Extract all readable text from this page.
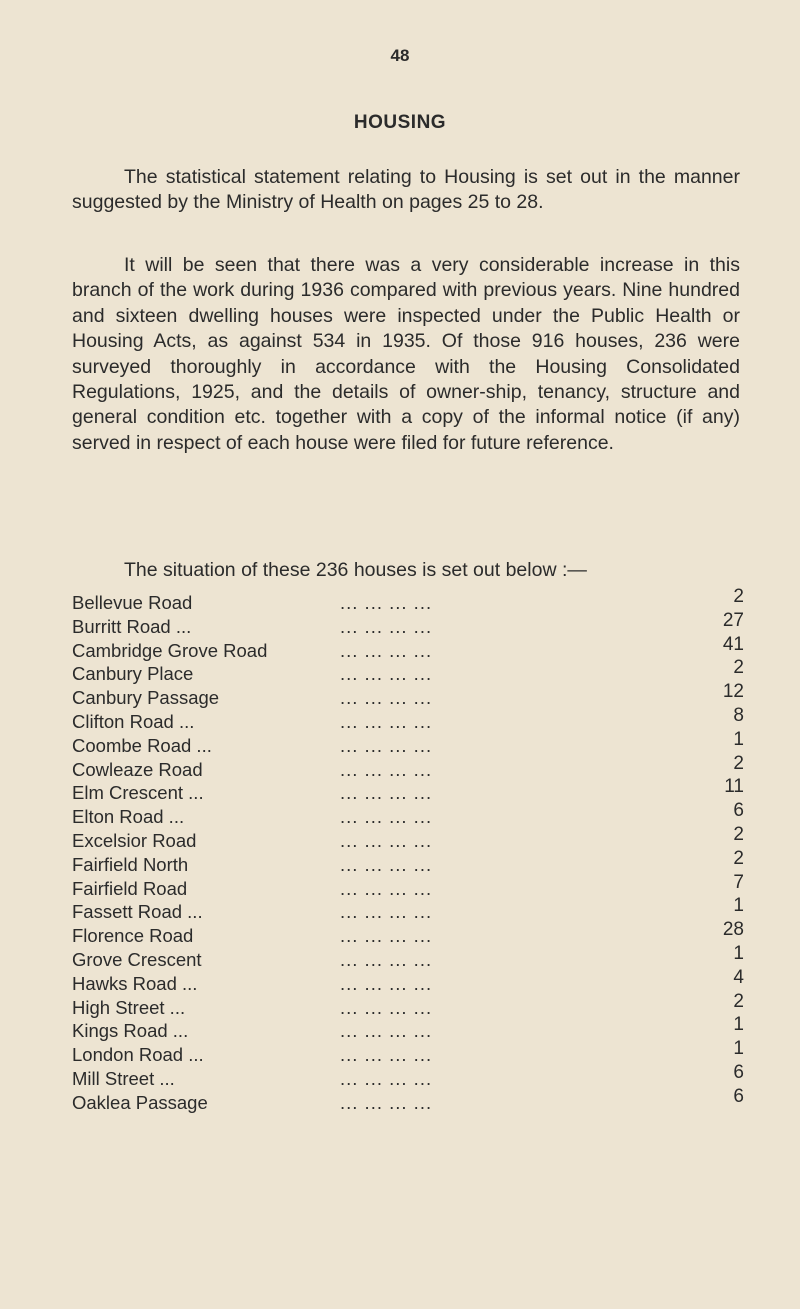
48
HOUSING

The statistical statement relating to Housing is set out in the manner suggested by the Ministry of Health on pages 25 to 28.

It will be seen that there was a very considerable increase in this branch of the work during 1936 compared with previous years. Nine hundred and sixteen dwelling houses were inspected under the Public Health or Housing Acts, as against 534 in 1935. Of those 916 houses, 236 were surveyed thoroughly in accordance with the Housing Consolidated Regulations, 1925, and the details of owner-ship, tenancy, structure and general condition etc. together with a copy of the informal notice (if any) served in respect of each house were filed for future reference.

The situation of these 236 houses is set out below :—
Bellevue Road	... ... ... ...	2
Burritt Road ...	... ... ... ...	27
Cambridge Grove Road	... ... ... ...	41
Canbury Place	... ... ... ...	2
Canbury Passage	... ... ... ...	12
Clifton Road ...	... ... ... ...	8
Coombe Road ...	... ... ... ...	1
Cowleaze Road	... ... ... ...	2
Elm Crescent ...	... ... ... ...	11
Elton Road ...	... ... ... ...	6
Excelsior Road	... ... ... ...	2
Fairfield North	... ... ... ...	2
Fairfield Road	... ... ... ...	7
Fassett Road ...	... ... ... ...	1
Florence Road	... ... ... ...	28
Grove Crescent	... ... ... ...	1
Hawks Road ...	... ... ... ...	4
High Street ...	... ... ... ...	2
Kings Road ...	... ... ... ...	1
London Road ...	... ... ... ...	1
Mill Street ...	... ... ... ...	6
Oaklea Passage	... ... ... ...	6
